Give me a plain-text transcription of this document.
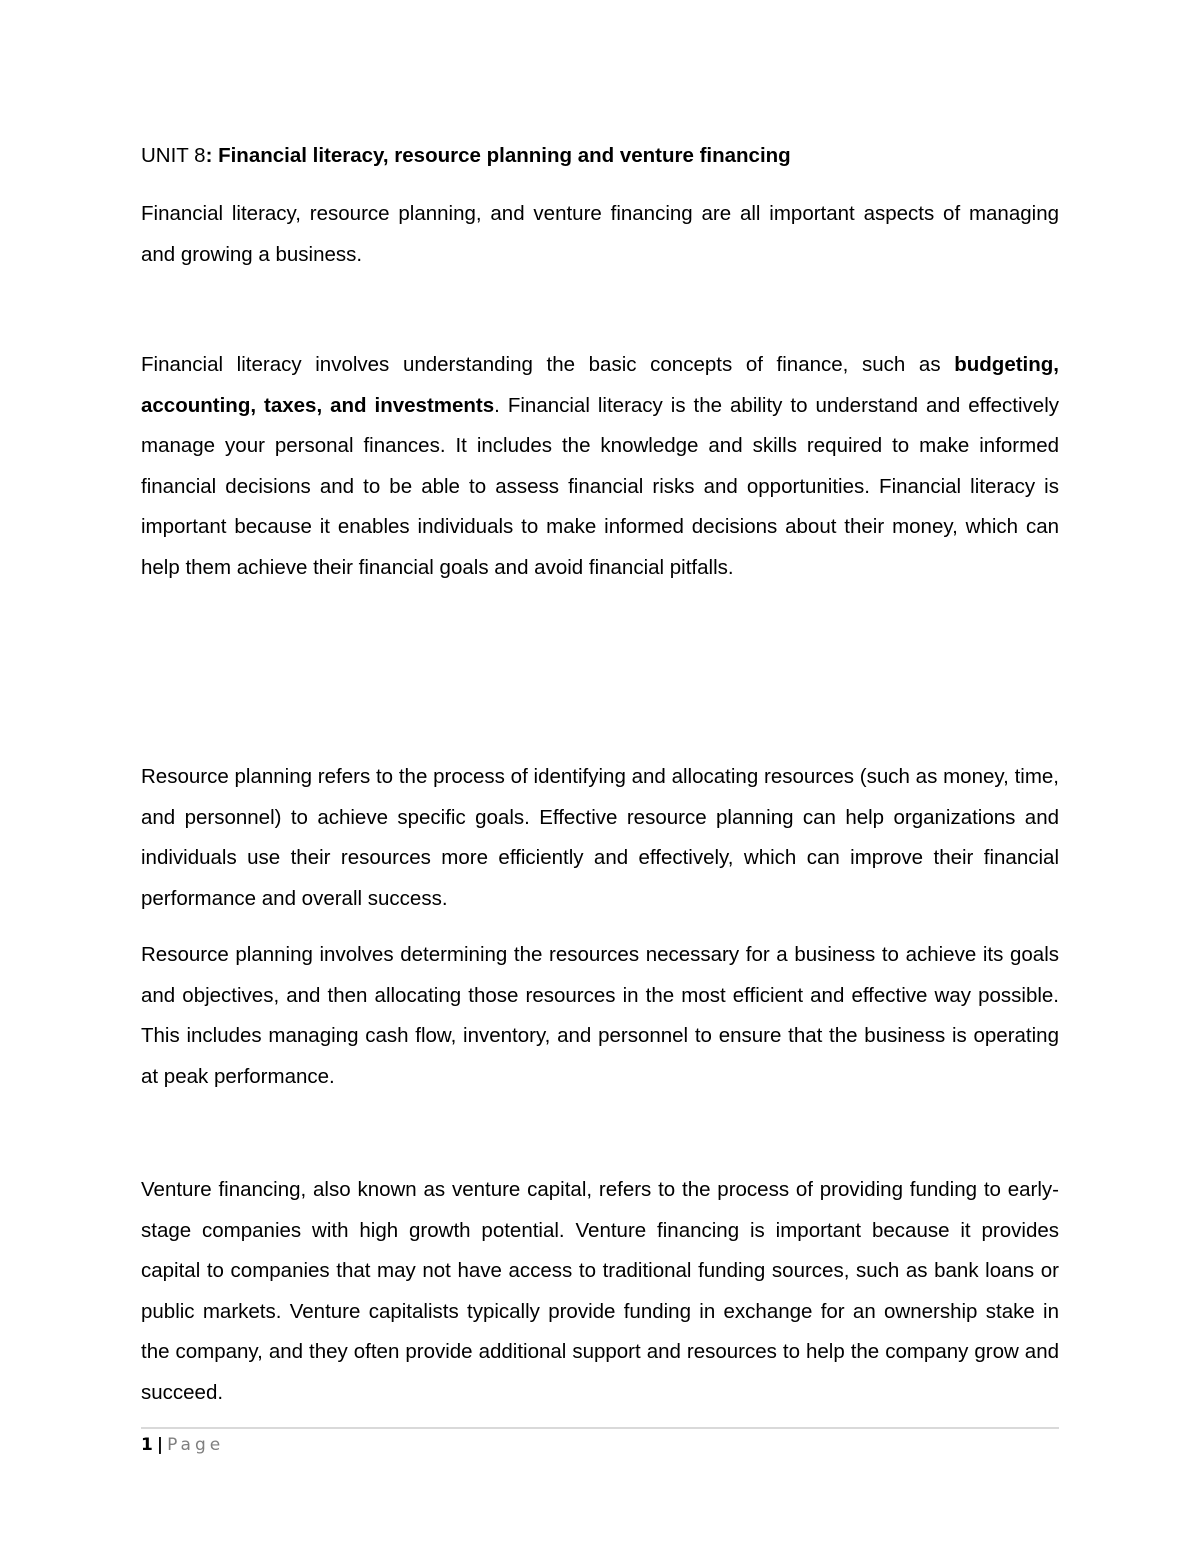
UNIT 8: Financial literacy, resource planning and venture financing

Financial literacy, resource planning, and venture financing are all important aspects of managing and growing a business.

Financial literacy involves understanding the basic concepts of finance, such as budgeting, accounting, taxes, and investments. Financial literacy is the ability to understand and effectively manage your personal finances. It includes the knowledge and skills required to make informed financial decisions and to be able to assess financial risks and opportunities. Financial literacy is important because it enables individuals to make informed decisions about their money, which can help them achieve their financial goals and avoid financial pitfalls.

Resource planning refers to the process of identifying and allocating resources (such as money, time, and personnel) to achieve specific goals. Effective resource planning can help organizations and individuals use their resources more efficiently and effectively, which can improve their financial performance and overall success.

Resource planning involves determining the resources necessary for a business to achieve its goals and objectives, and then allocating those resources in the most efficient and effective way possible. This includes managing cash flow, inventory, and personnel to ensure that the business is operating at peak performance.

Venture financing, also known as venture capital, refers to the process of providing funding to early-stage companies with high growth potential. Venture financing is important because it provides capital to companies that may not have access to traditional funding sources, such as bank loans or public markets. Venture capitalists typically provide funding in exchange for an ownership stake in the company, and they often provide additional support and resources to help the company grow and succeed.

1 | Page
